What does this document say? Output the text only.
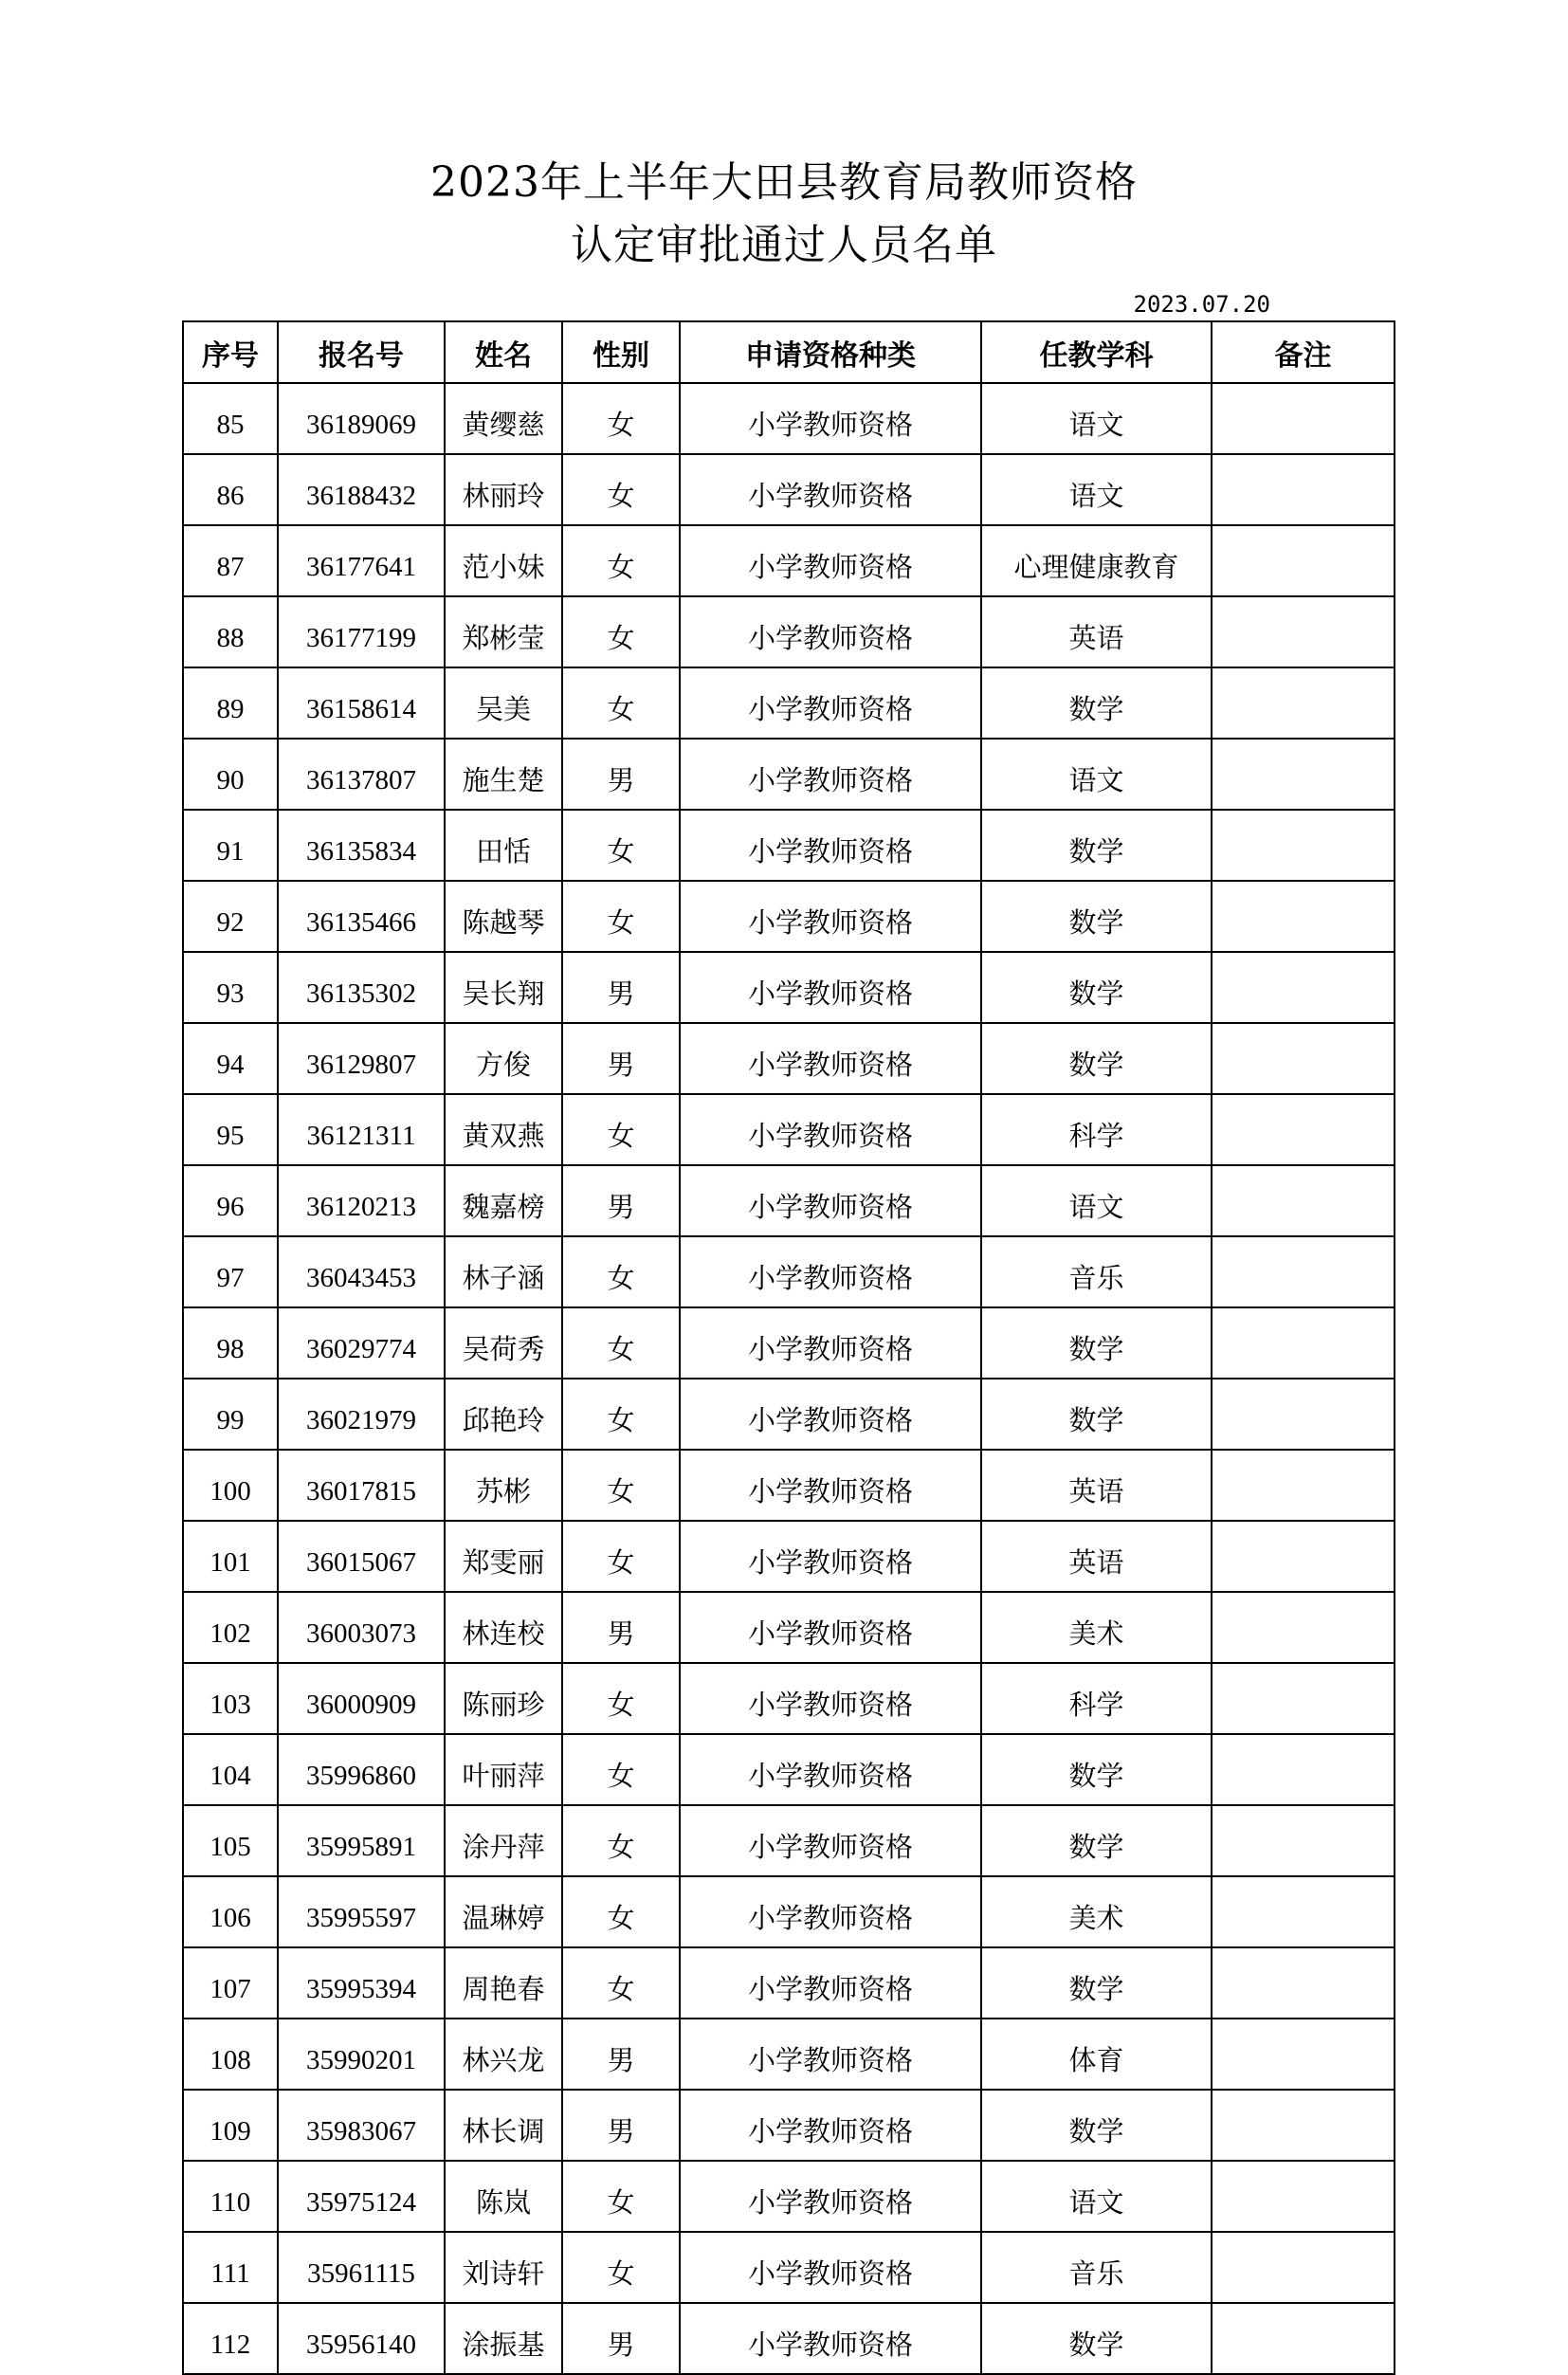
2023年上半年大田县教育局教师资格
认定审批通过人员名单
2023.07.20
序号	报名号	姓名	性别	申请资格种类	任教学科	备注
85	36189069	黄缨慈	女	小学教师资格	语文	
86	36188432	林丽玲	女	小学教师资格	语文	
87	36177641	范小妹	女	小学教师资格	心理健康教育	
88	36177199	郑彬莹	女	小学教师资格	英语	
89	36158614	吴美	女	小学教师资格	数学	
90	36137807	施生楚	男	小学教师资格	语文	
91	36135834	田恬	女	小学教师资格	数学	
92	36135466	陈越琴	女	小学教师资格	数学	
93	36135302	吴长翔	男	小学教师资格	数学	
94	36129807	方俊	男	小学教师资格	数学	
95	36121311	黄双燕	女	小学教师资格	科学	
96	36120213	魏嘉榜	男	小学教师资格	语文	
97	36043453	林子涵	女	小学教师资格	音乐	
98	36029774	吴荷秀	女	小学教师资格	数学	
99	36021979	邱艳玲	女	小学教师资格	数学	
100	36017815	苏彬	女	小学教师资格	英语	
101	36015067	郑雯丽	女	小学教师资格	英语	
102	36003073	林连校	男	小学教师资格	美术	
103	36000909	陈丽珍	女	小学教师资格	科学	
104	35996860	叶丽萍	女	小学教师资格	数学	
105	35995891	涂丹萍	女	小学教师资格	数学	
106	35995597	温琳婷	女	小学教师资格	美术	
107	35995394	周艳春	女	小学教师资格	数学	
108	35990201	林兴龙	男	小学教师资格	体育	
109	35983067	林长调	男	小学教师资格	数学	
110	35975124	陈岚	女	小学教师资格	语文	
111	35961115	刘诗轩	女	小学教师资格	音乐	
112	35956140	涂振基	男	小学教师资格	数学	
